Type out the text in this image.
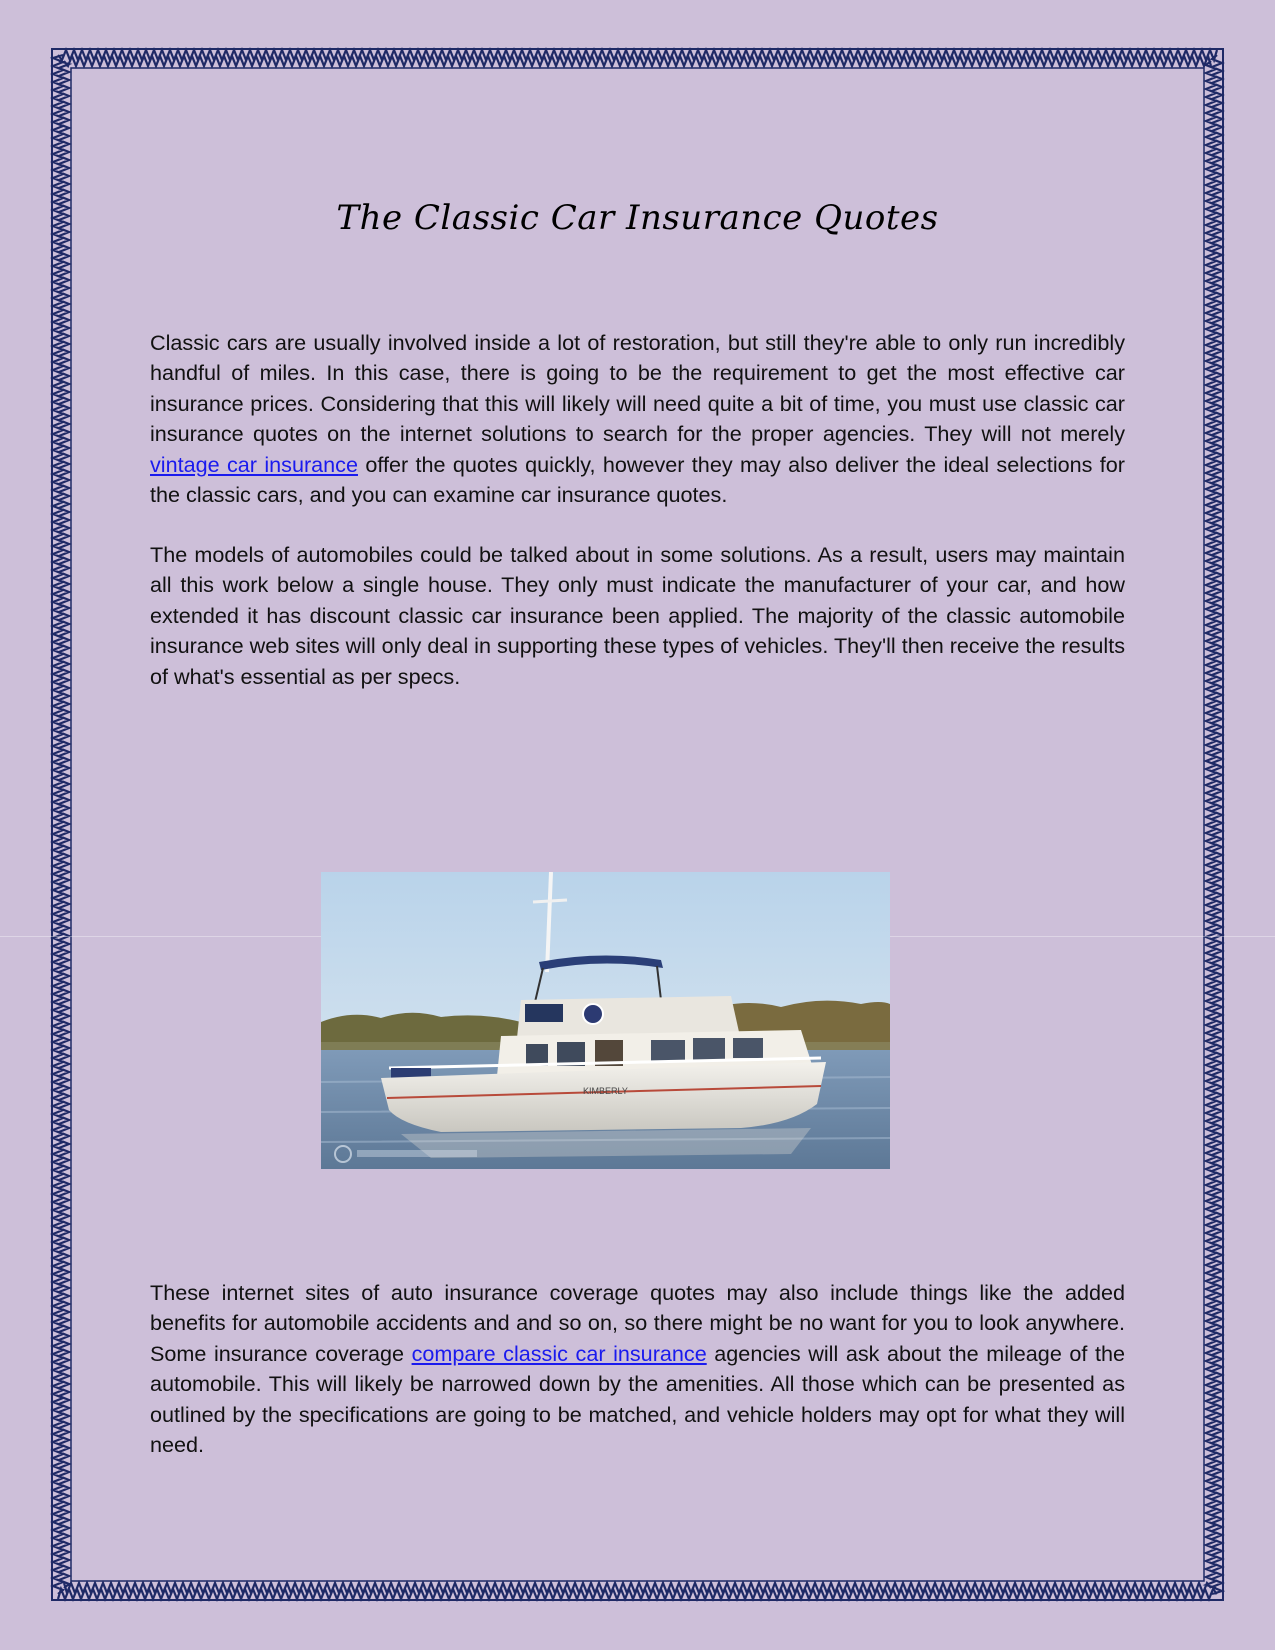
The Classic Car Insurance Quotes

Classic cars are usually involved inside a lot of restoration, but still they're able to only run incredibly handful of miles. In this case, there is going to be the requirement to get the most effective car insurance prices. Considering that this will likely will need quite a bit of time, you must use classic car insurance quotes on the internet solutions to search for the proper agencies. They will not merely vintage car insurance offer the quotes quickly, however they may also deliver the ideal selections for the classic cars, and you can examine car insurance quotes.

The models of automobiles could be talked about in some solutions. As a result, users may maintain all this work below a single house. They only must indicate the manufacturer of your car, and how extended it has discount classic car insurance been applied. The majority of the classic automobile insurance web sites will only deal in supporting these types of vehicles. They'll then receive the results of what's essential as per specs.

KIMBERLY

These internet sites of auto insurance coverage quotes may also include things like the added benefits for automobile accidents and and so on, so there might be no want for you to look anywhere. Some insurance coverage compare classic car insurance agencies will ask about the mileage of the automobile. This will likely be narrowed down by the amenities. All those which can be presented as outlined by the specifications are going to be matched, and vehicle holders may opt for what they will need.
